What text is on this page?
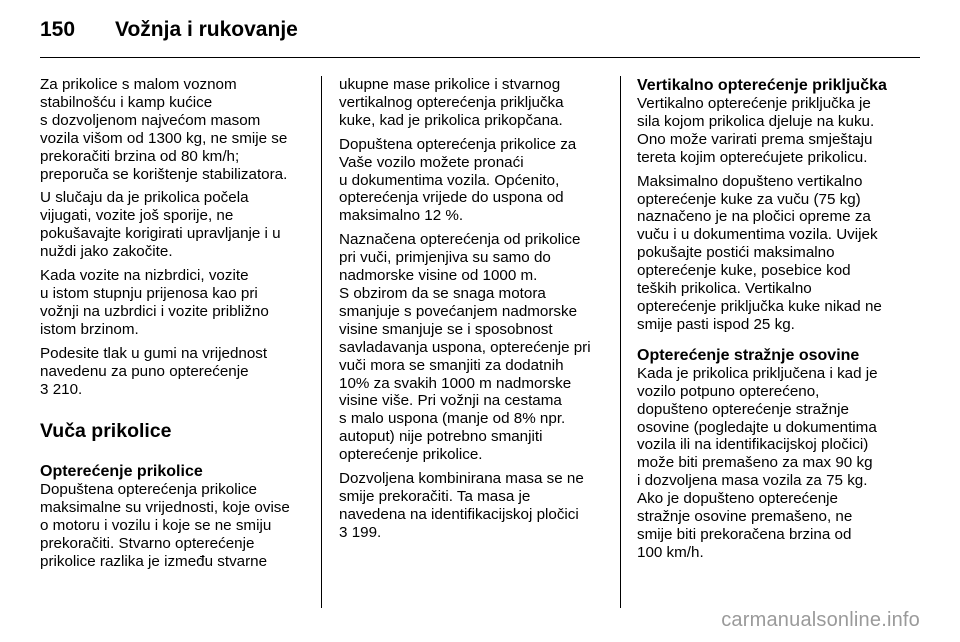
150	Vožnja i rukovanje

Za prikolice s malom voznom
stabilnošću i kamp kućice
s dozvoljenom najvećom masom
vozila višom od 1300 kg, ne smije se
prekoračiti brzina od 80 km/h;
preporuča se korištenje stabilizatora.

U slučaju da je prikolica počela
vijugati, vozite još sporije, ne
pokušavajte korigirati upravljanje i u
nuždi jako zakočite.

Kada vozite na nizbrdici, vozite
u istom stupnju prijenosa kao pri
vožnji na uzbrdici i vozite približno
istom brzinom.

Podesite tlak u gumi na vrijednost
navedenu za puno opterećenje
3 210.

Vuča prikolice
Opterećenje prikolice

Dopuštena opterećenja prikolice
maksimalne su vrijednosti, koje ovise
o motoru i vozilu i koje se ne smiju
prekoračiti. Stvarno opterećenje
prikolice razlika je između stvarne

ukupne mase prikolice i stvarnog
vertikalnog opterećenja priključka
kuke, kad je prikolica prikopčana.

Dopuštena opterećenja prikolice za
Vaše vozilo možete pronaći
u dokumentima vozila. Općenito,
opterećenja vrijede do uspona od
maksimalno 12 %.

Naznačena opterećenja od prikolice
pri vuči, primjenjiva su samo do
nadmorske visine od 1000 m.
S obzirom da se snaga motora
smanjuje s povećanjem nadmorske
visine smanjuje se i sposobnost
savladavanja uspona, opterećenje pri
vuči mora se smanjiti za dodatnih
10% za svakih 1000 m nadmorske
visine više. Pri vožnji na cestama
s malo uspona (manje od 8% npr.
autoput) nije potrebno smanjiti
opterećenje prikolice.

Dozvoljena kombinirana masa se ne
smije prekoračiti. Ta masa je
navedena na identifikacijskoj pločici
3 199.

Vertikalno opterećenje priključka

Vertikalno opterećenje priključka je
sila kojom prikolica djeluje na kuku.
Ono može varirati prema smještaju
tereta kojim opterećujete prikolicu.

Maksimalno dopušteno vertikalno
opterećenje kuke za vuču (75 kg)
naznačeno je na pločici opreme za
vuču i u dokumentima vozila. Uvijek
pokušajte postići maksimalno
opterećenje kuke, posebice kod
teških prikolica. Vertikalno
opterećenje priključka kuke nikad ne
smije pasti ispod 25 kg.

Opterećenje stražnje osovine

Kada je prikolica priključena i kad je
vozilo potpuno opterećeno,
dopušteno opterećenje stražnje
osovine (pogledajte u dokumentima
vozila ili na identifikacijskoj pločici)
može biti premašeno za max 90 kg
i dozvoljena masa vozila za 75 kg.
Ako je dopušteno opterećenje
stražnje osovine premašeno, ne
smije biti prekoračena brzina od
100 km/h.

carmanualsonline.info
